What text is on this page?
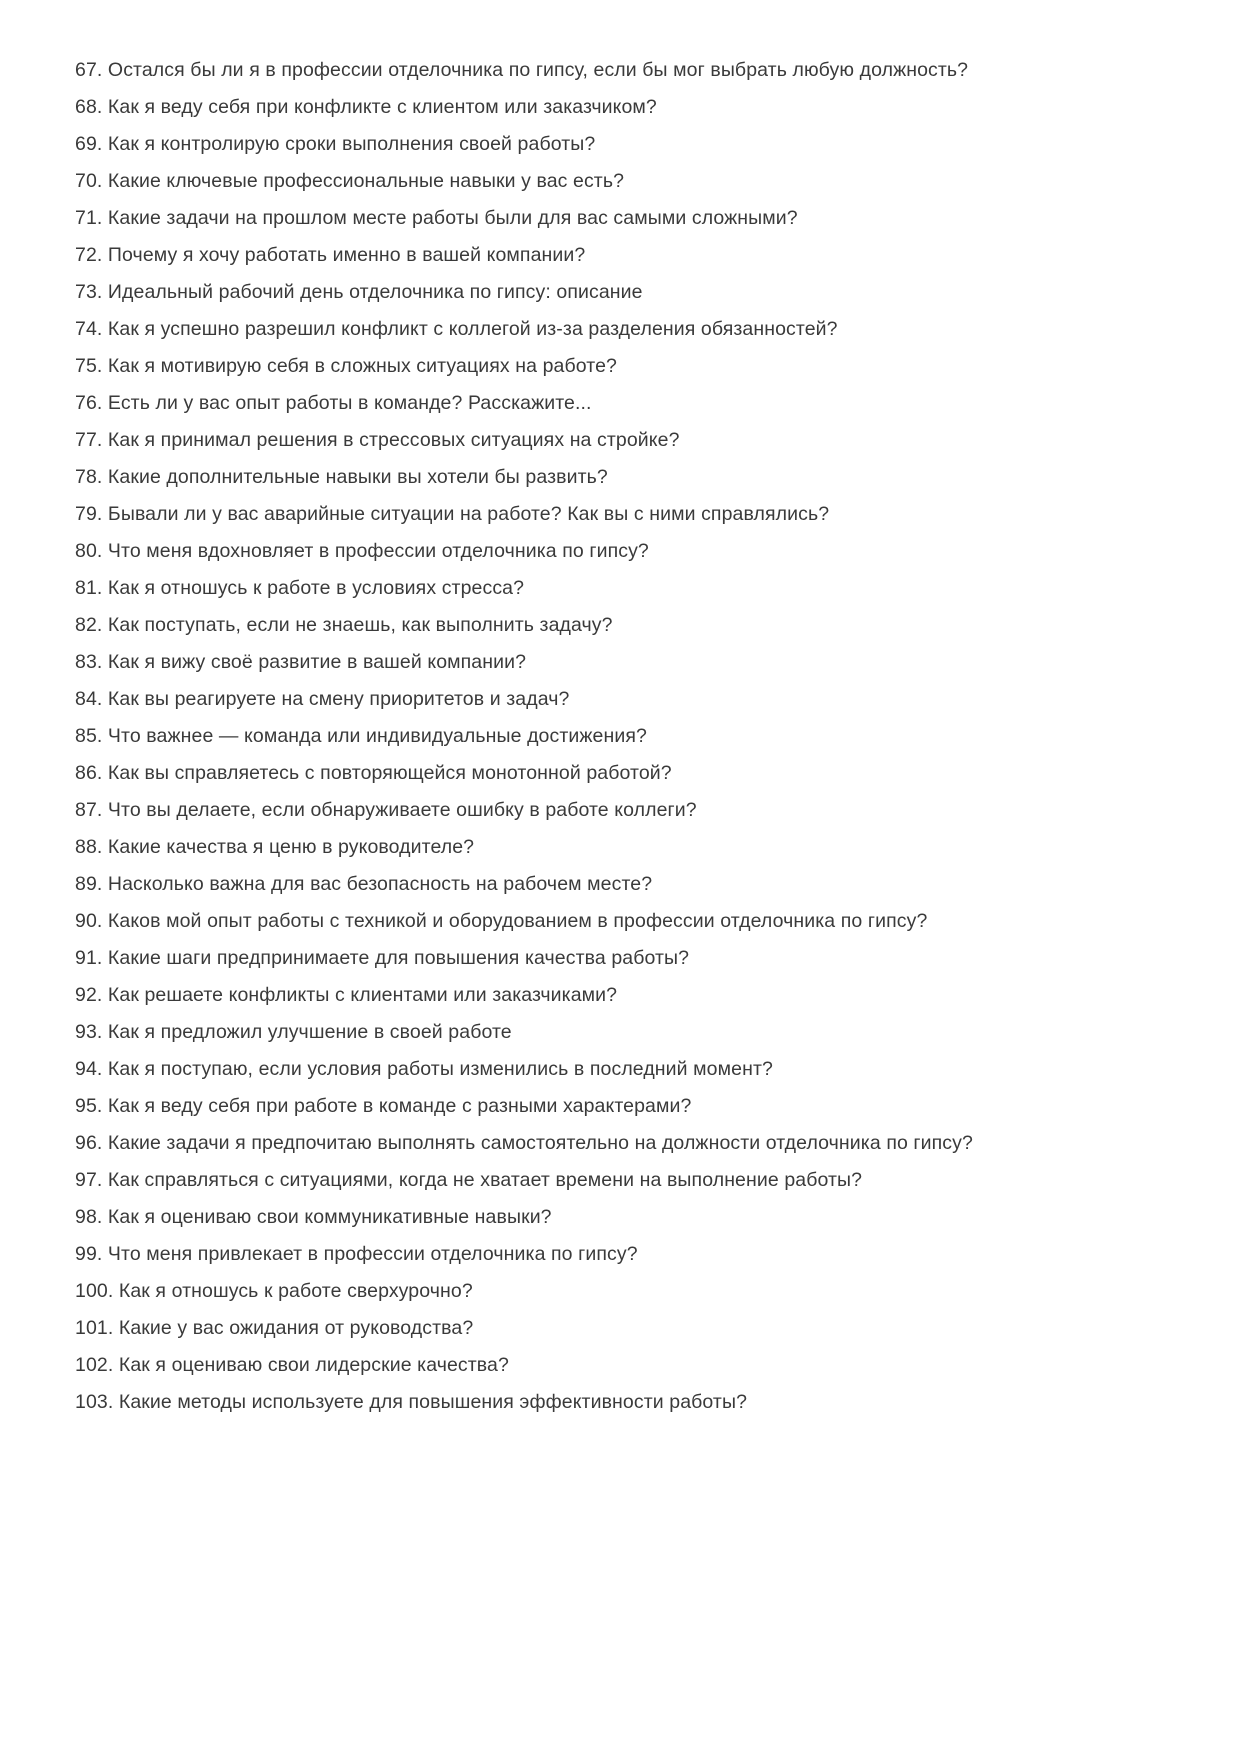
67. Остался бы ли я в профессии отделочника по гипсу, если бы мог выбрать любую должность?

68. Как я веду себя при конфликте с клиентом или заказчиком?

69. Как я контролирую сроки выполнения своей работы?

70. Какие ключевые профессиональные навыки у вас есть?

71. Какие задачи на прошлом месте работы были для вас самыми сложными?

72. Почему я хочу работать именно в вашей компании?

73. Идеальный рабочий день отделочника по гипсу: описание

74. Как я успешно разрешил конфликт с коллегой из-за разделения обязанностей?

75. Как я мотивирую себя в сложных ситуациях на работе?

76. Есть ли у вас опыт работы в команде? Расскажите...

77. Как я принимал решения в стрессовых ситуациях на стройке?

78. Какие дополнительные навыки вы хотели бы развить?

79. Бывали ли у вас аварийные ситуации на работе? Как вы с ними справлялись?

80. Что меня вдохновляет в профессии отделочника по гипсу?

81. Как я отношусь к работе в условиях стресса?

82. Как поступать, если не знаешь, как выполнить задачу?

83. Как я вижу своё развитие в вашей компании?

84. Как вы реагируете на смену приоритетов и задач?

85. Что важнее — команда или индивидуальные достижения?

86. Как вы справляетесь с повторяющейся монотонной работой?

87. Что вы делаете, если обнаруживаете ошибку в работе коллеги?

88. Какие качества я ценю в руководителе?

89. Насколько важна для вас безопасность на рабочем месте?

90. Каков мой опыт работы с техникой и оборудованием в профессии отделочника по гипсу?

91. Какие шаги предпринимаете для повышения качества работы?

92. Как решаете конфликты с клиентами или заказчиками?

93. Как я предложил улучшение в своей работе

94. Как я поступаю, если условия работы изменились в последний момент?

95. Как я веду себя при работе в команде с разными характерами?

96. Какие задачи я предпочитаю выполнять самостоятельно на должности отделочника по гипсу?

97. Как справляться с ситуациями, когда не хватает времени на выполнение работы?

98. Как я оцениваю свои коммуникативные навыки?

99. Что меня привлекает в профессии отделочника по гипсу?

100. Как я отношусь к работе сверхурочно?

101. Какие у вас ожидания от руководства?

102. Как я оцениваю свои лидерские качества?

103. Какие методы используете для повышения эффективности работы?
